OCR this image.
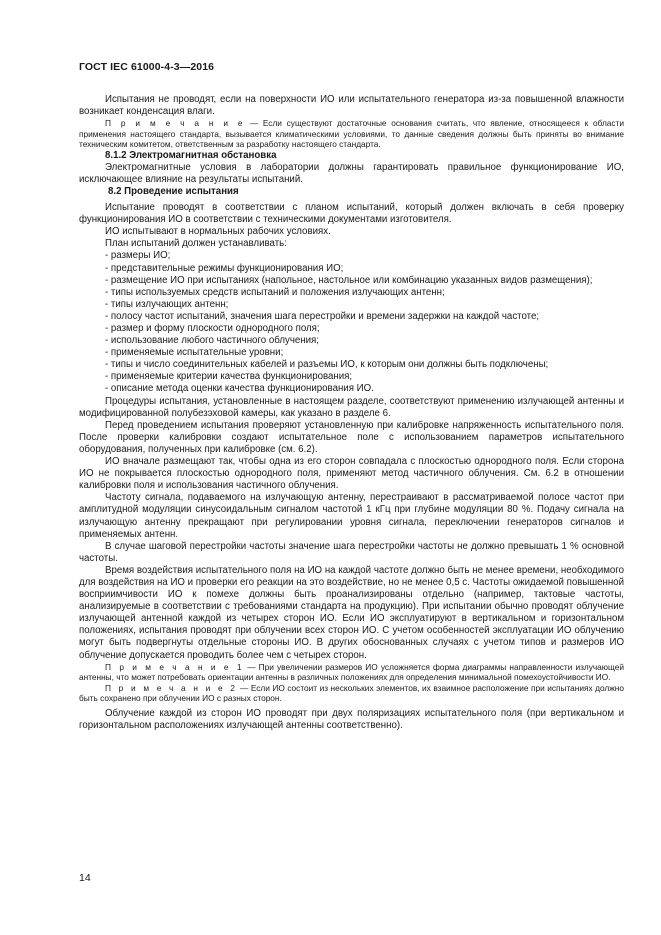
ГОСТ IEC 61000-4-3—2016

Испытания не проводят, если на поверхности ИО или испытательного генератора из-за повышенной влажности возникает конденсация влаги.

П р и м е ч а н и е — Если существуют достаточные основания считать, что явление, относящееся к области применения настоящего стандарта, вызывается климатическими условиями, то данные сведения должны быть приняты во внимание техническим комитетом, ответственным за разработку настоящего стандарта.

8.1.2 Электромагнитная обстановка

Электромагнитные условия в лаборатории должны гарантировать правильное функционирование ИО, исключающее влияние на результаты испытаний.

8.2 Проведение испытания

Испытание проводят в соответствии с планом испытаний, который должен включать в себя проверку функционирования ИО в соответствии с техническими документами изготовителя.

ИО испытывают в нормальных рабочих условиях.

План испытаний должен устанавливать:

- размеры ИО;

- представительные режимы функционирования ИО;

- размещение ИО при испытаниях (напольное, настольное или комбинацию указанных видов размещения);

- типы используемых средств испытаний и положения излучающих антенн;

- типы излучающих антенн;

- полосу частот испытаний, значения шага перестройки и времени задержки на каждой частоте;

- размер и форму плоскости однородного поля;

- использование любого частичного облучения;

- применяемые испытательные уровни;

- типы и число соединительных кабелей и разъемы ИО, к которым они должны быть подключены;

- применяемые критерии качества функционирования;

- описание метода оценки качества функционирования ИО.

Процедуры испытания, установленные в настоящем разделе, соответствуют применению излучающей антенны и модифицированной полубезэховой камеры, как указано в разделе 6.

Перед проведением испытания проверяют установленную при калибровке напряженность испытательного поля. После проверки калибровки создают испытательное поле с использованием параметров испытательного оборудования, полученных при калибровке (см. 6.2).

ИО вначале размещают так, чтобы одна из его сторон совпадала с плоскостью однородного поля. Если сторона ИО не покрывается плоскостью однородного поля, применяют метод частичного облучения. См. 6.2 в отношении калибровки поля и использования частичного облучения.

Частоту сигнала, подаваемого на излучающую антенну, перестраивают в рассматриваемой полосе частот при амплитудной модуляции синусоидальным сигналом частотой 1 кГц при глубине модуляции 80 %. Подачу сигнала на излучающую антенну прекращают при регулировании уровня сигнала, переключении генераторов сигналов и применяемых антенн.

В случае шаговой перестройки частоты значение шага перестройки частоты не должно превышать 1 % основной частоты.

Время воздействия испытательного поля на ИО на каждой частоте должно быть не менее времени, необходимого для воздействия на ИО и проверки его реакции на это воздействие, но не менее 0,5 с. Частоты ожидаемой повышенной восприимчивости ИО к помехе должны быть проанализированы отдельно (например, тактовые частоты, анализируемые в соответствии с требованиями стандарта на продукцию). При испытании обычно проводят облучение излучающей антенной каждой из четырех сторон ИО. Если ИО эксплуатируют в вертикальном и горизонтальном положениях, испытания проводят при облучении всех сторон ИО. С учетом особенностей эксплуатации ИО облучению могут быть подвергнуты отдельные стороны ИО. В других обоснованных случаях с учетом типов и размеров ИО облучение допускается проводить более чем с четырех сторон.

П р и м е ч а н и е 1 — При увеличении размеров ИО усложняется форма диаграммы направленности излучающей антенны, что может потребовать ориентации антенны в различных положениях для определения минимальной помехоустойчивости ИО.

П р и м е ч а н и е 2 — Если ИО состоит из нескольких элементов, их взаимное расположение при испытаниях должно быть сохранено при облучении ИО с разных сторон.

Облучение каждой из сторон ИО проводят при двух поляризациях испытательного поля (при вертикальном и горизонтальном расположениях излучающей антенны соответственно).

14
